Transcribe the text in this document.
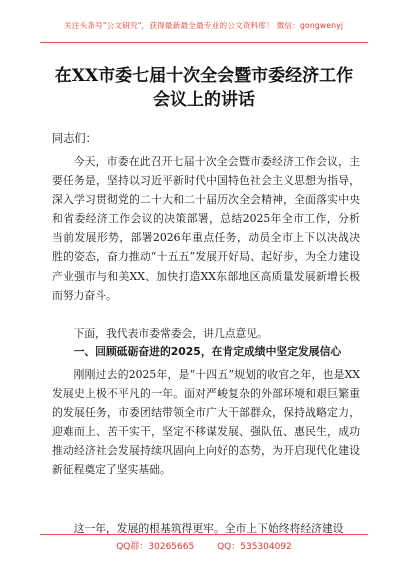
关注头条号"公文研究"，获得最新最全最专业的公文资料库！ 微信：gongwenyj
在XX市委七届十次全会暨市委经济工作
会议上的讲话
同志们：

今天，市委在此召开七届十次全会暨市委经济工作会议，主要任务是，坚持以习近平新时代中国特色社会主义思想为指导，深入学习贯彻党的二十大和二十届历次全会精神，全面落实中央和省委经济工作会议的决策部署，总结2025年全市工作，分析当前发展形势，部署2026年重点任务，动员全市上下以决战决胜的姿态，奋力推动“十五五”发展开好局、起好步，为全力建设产业强市与和美XX、加快打造XX东部地区高质量发展新增长极而努力奋斗。

下面，我代表市委常委会，讲几点意见。

一、回顾砥砺奋进的2025，在肯定成绩中坚定发展信心

刚刚过去的2025年，是“十四五”规划的收官之年，也是XX发展史上极不平凡的一年。面对严峻复杂的外部环境和艰巨繁重的发展任务，市委团结带领全市广大干部群众，保持战略定力，迎难而上、苦干实干，坚定不移谋发展、强队伍、惠民生，成功推动经济社会发展持续巩固向上向好的态势，为开启现代化建设新征程奠定了坚实基础。

这一年，发展的根基筑得更牢。全市上下始终将经济建设

QQ群：30265665	QQ：535304092
